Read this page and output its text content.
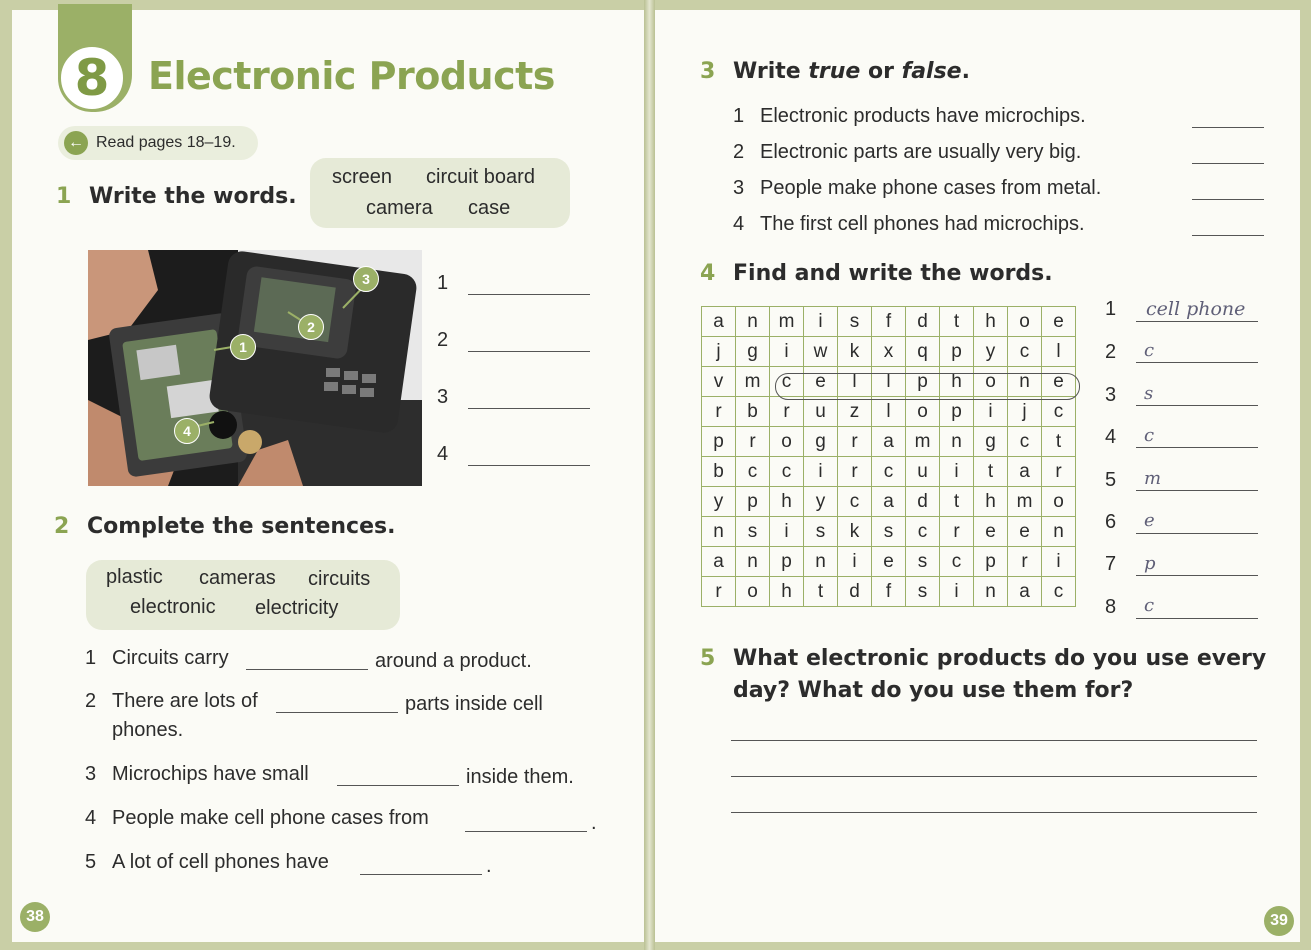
8	Electronic Products
← Read pages 18–19.
1 Write the words.
screen circuit board
camera case
1
2
3
4
1
2
3
4
2 Complete the sentences.
plastic cameras circuits
electronic electricity
1 Circuits carry	around a product.
2 There are lots of	parts inside cell
phones.
3 Microchips have small	inside them.
4 People make cell phone cases from	.
5 A lot of cell phones have	.
38
3 Write true or false.
1 Electronic products have microchips.
2 Electronic parts are usually very big.
3 People make phone cases from metal.
4 The first cell phones had microchips.
4 Find and write the words.
a	n	m	i	s	f	d	t	h	o	e
j	g	i	w	k	x	q	p	y	c	l
v	m	c	e	l	l	p	h	o	n	e
r	b	r	u	z	l	o	p	i	j	c
p	r	o	g	r	a	m	n	g	c	t
b	c	c	i	r	c	u	i	t	a	r
y	p	h	y	c	a	d	t	h	m	o
n	s	i	s	k	s	c	r	e	e	n
a	n	p	n	i	e	s	c	p	r	i
r	o	h	t	d	f	s	i	n	a	c
1 cell phone
2 c
3 s
4 c
5 m
6 e
7 p
8 c
5 What electronic products do you use every
day? What do you use them for?
39
